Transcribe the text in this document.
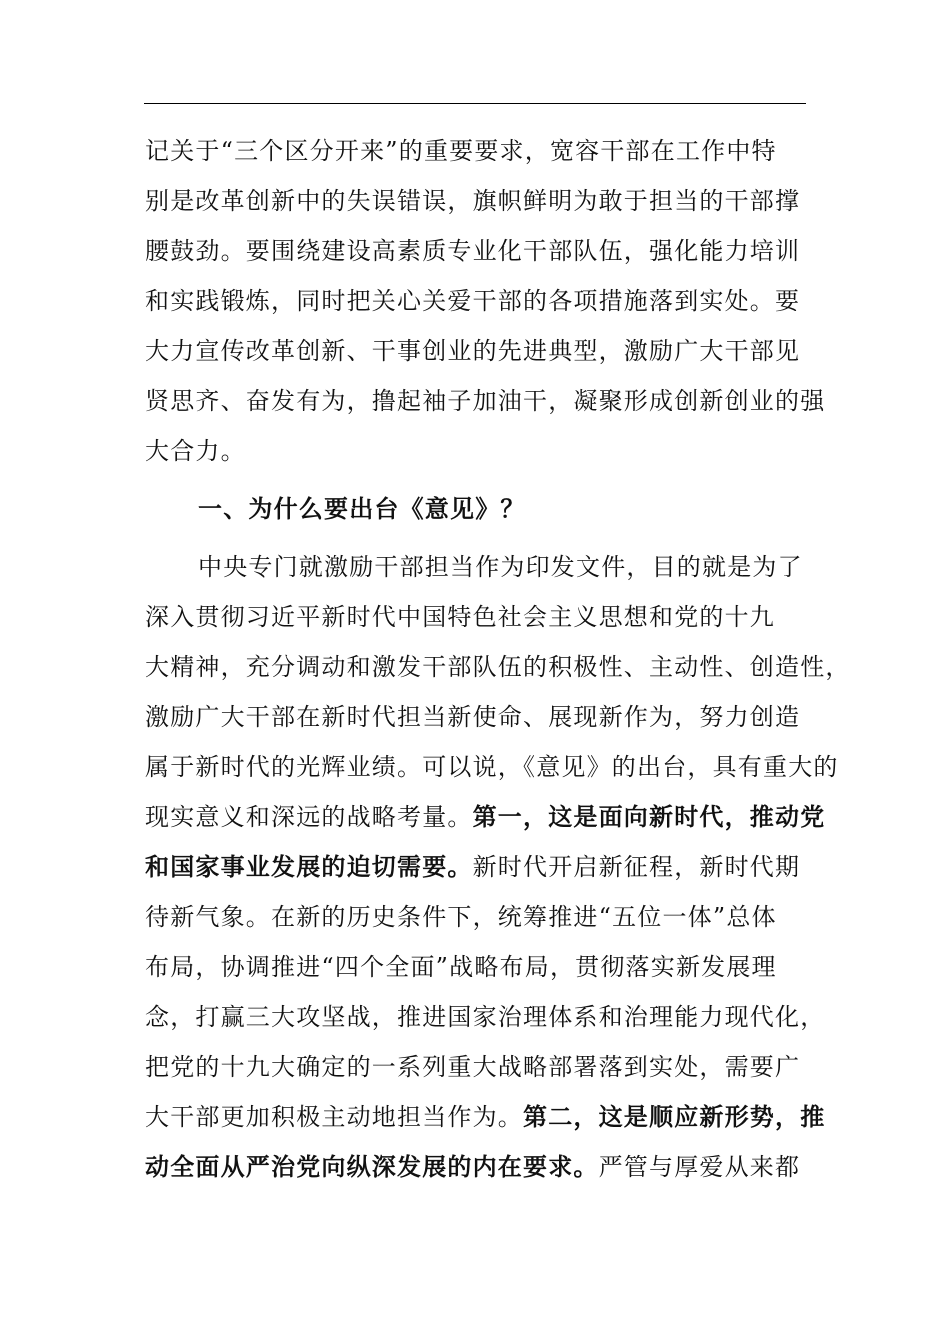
记关于“三个区分开来”的重要要求，宽容干部在工作中特
别是改革创新中的失误错误，旗帜鲜明为敢于担当的干部撑
腰鼓劲。要围绕建设高素质专业化干部队伍，强化能力培训
和实践锻炼，同时把关心关爱干部的各项措施落到实处。要
大力宣传改革创新、干事创业的先进典型，激励广大干部见
贤思齐、奋发有为，撸起袖子加油干，凝聚形成创新创业的强
大合力。
一、为什么要出台《意见》？
中央专门就激励干部担当作为印发文件，目的就是为了
深入贯彻习近平新时代中国特色社会主义思想和党的十九
大精神，充分调动和激发干部队伍的积极性、主动性、创造性，
激励广大干部在新时代担当新使命、展现新作为，努力创造
属于新时代的光辉业绩。可以说，《意见》的出台，具有重大的
现实意义和深远的战略考量。第一，这是面向新时代，推动党
和国家事业发展的迫切需要。新时代开启新征程，新时代期
待新气象。在新的历史条件下，统筹推进“五位一体”总体
布局，协调推进“四个全面”战略布局，贯彻落实新发展理
念，打赢三大攻坚战，推进国家治理体系和治理能力现代化，
把党的十九大确定的一系列重大战略部署落到实处，需要广
大干部更加积极主动地担当作为。第二，这是顺应新形势，推
动全面从严治党向纵深发展的内在要求。严管与厚爱从来都
